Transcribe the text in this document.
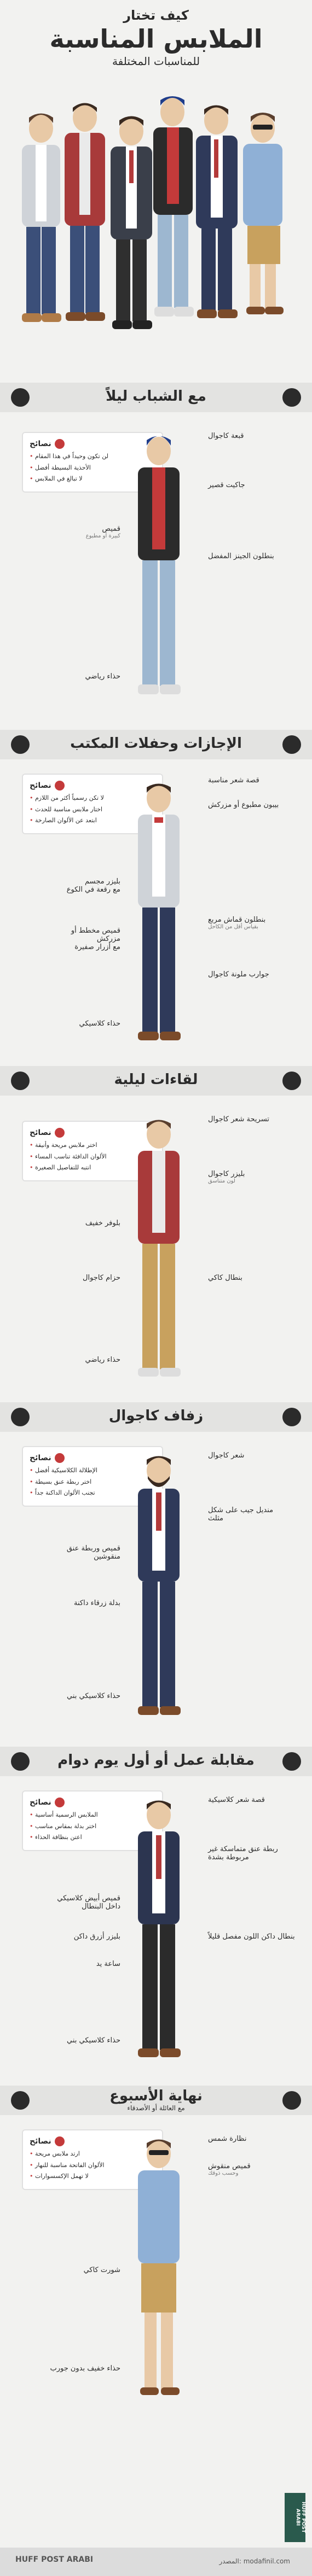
كيف تختار
الملابس المناسبة
للمناسبات المختلفة
مع الشباب ليلاً
نصائح
• لن تكون وحيداً في هذا المقام
• الأحذية البسيطة أفضل
• لا تبالغ في الملابس
قبعة كاجوال
جاكيت قصير
بنطلون الجينز المفضل
قميص
كبيرة أو مطبوع
حذاء رياضي
الإجازات وحفلات المكتب
نصائح
• لا تكن رسمياً أكثر من اللازم
• اختار ملابس مناسبة للحدث
• ابتعد عن الألوان الصارخة
قصة شعر مناسبة
بيبون مطبوع أو مزركش
بنطلون قماش مربع
بقياس أقل من الكاحل
جوارب ملونة كاجوال
بليزر مجسم
مع رقعة في الكوع
قميص مخطط أو مزركش
مع أزرار صفيرة
حذاء كلاسيكي
لقاءات ليلية
نصائح
• اختر ملابس مريحة وأنيقة
• الألوان الدافئة تناسب المساء
• انتبه للتفاصيل الصغيرة
تسريحة شعر كاجوال
بليزر كاجوال
لون متناسق
بنطال كاكي
بلوفر خفيف
حزام كاجوال
حذاء رياضي
زفاف كاجوال
نصائح
• الإطلالة الكلاسيكية أفضل
• اختر ربطة عنق بسيطة
• تجنب الألوان الداكنة جداً
شعر كاجوال
منديل جيب على شكل مثلث
قميص وربطة عنق منقوشين
بدلة زرقاء داكنة
حذاء كلاسيكي بني
مقابلة عمل أو أول يوم دوام
نصائح
• الملابس الرسمية أساسية
• اختر بدلة بمقاس مناسب
• اعتن بنظافة الحذاء
قصة شعر كلاسيكية
ربطة عنق متماسكة غير مربوطة بشدة
بنطال داكن اللون مفصل قليلاً
قميص أبيض كلاسيكي داخل البنطال
بليزر أزرق داكن
ساعة يد
حذاء كلاسيكي بني
نهاية الأسبوع
مع العائلة أو الأصدقاء
نصائح
• ارتد ملابس مريحة
• الألوان الفاتحة مناسبة للنهار
• لا تهمل الإكسسوارات
نظارة شمس
قميص منقوش
وحسب ذوقك
شورت كاكي
حذاء خفيف بدون جورب
HUFF POST ARABI
HUFF POST ARABI	المصدر: modafinil.com
